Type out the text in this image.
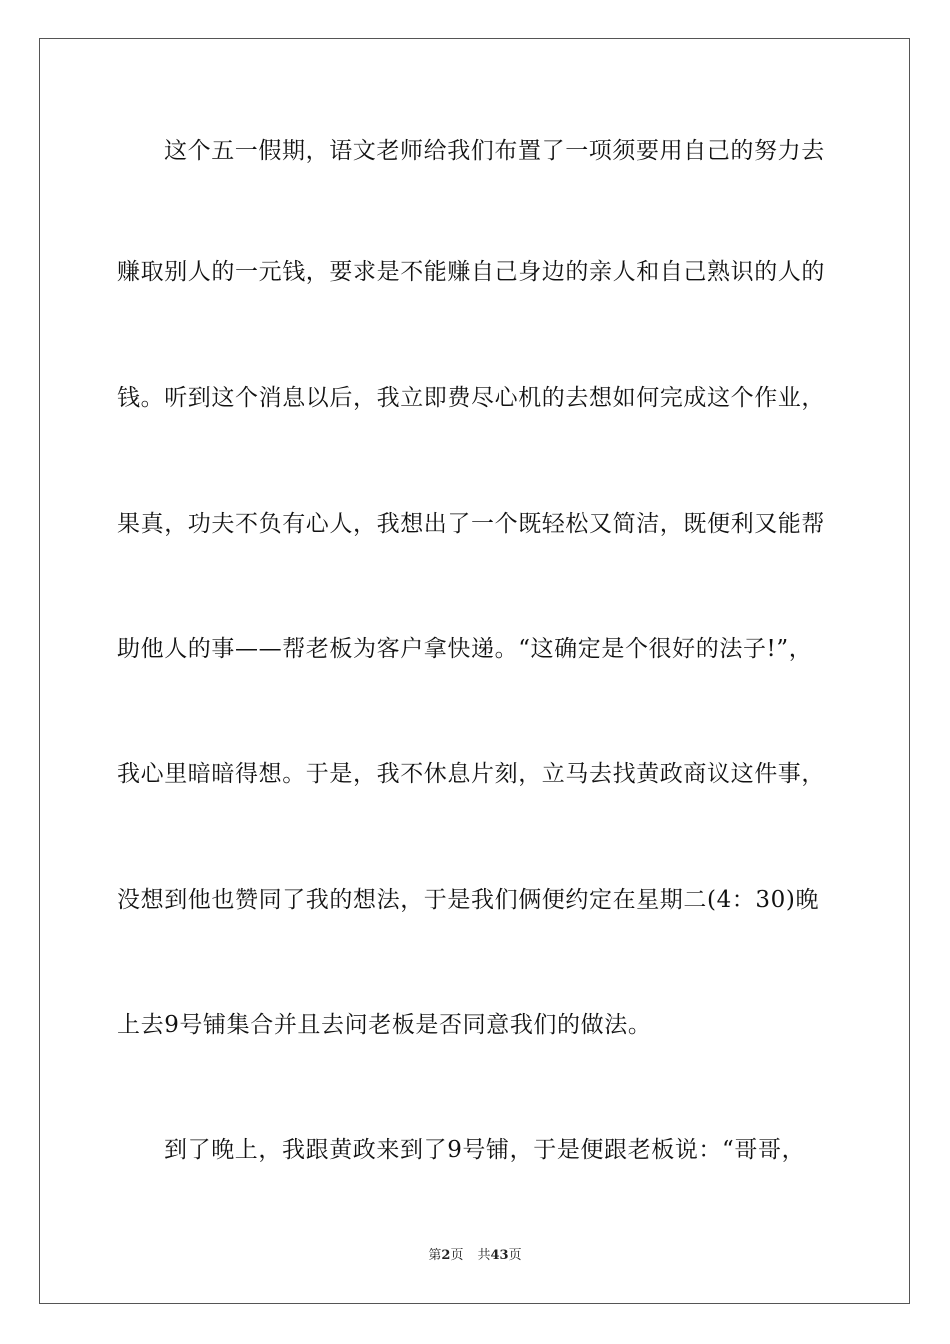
这个五一假期，语文老师给我们布置了一项须要用自己的努力去
赚取别人的一元钱，要求是不能赚自己身边的亲人和自己熟识的人的
钱。听到这个消息以后，我立即费尽心机的去想如何完成这个作业，
果真，功夫不负有心人，我想出了一个既轻松又简洁，既便利又能帮
助他人的事——帮老板为客户拿快递。“这确定是个很好的法子!”，
我心里暗暗得想。于是，我不休息片刻，立马去找黄政商议这件事，
没想到他也赞同了我的想法，于是我们俩便约定在星期二(4：30)晚
上去9号铺集合并且去问老板是否同意我们的做法。
到了晚上，我跟黄政来到了9号铺，于是便跟老板说：“哥哥，
第2页 共43页
